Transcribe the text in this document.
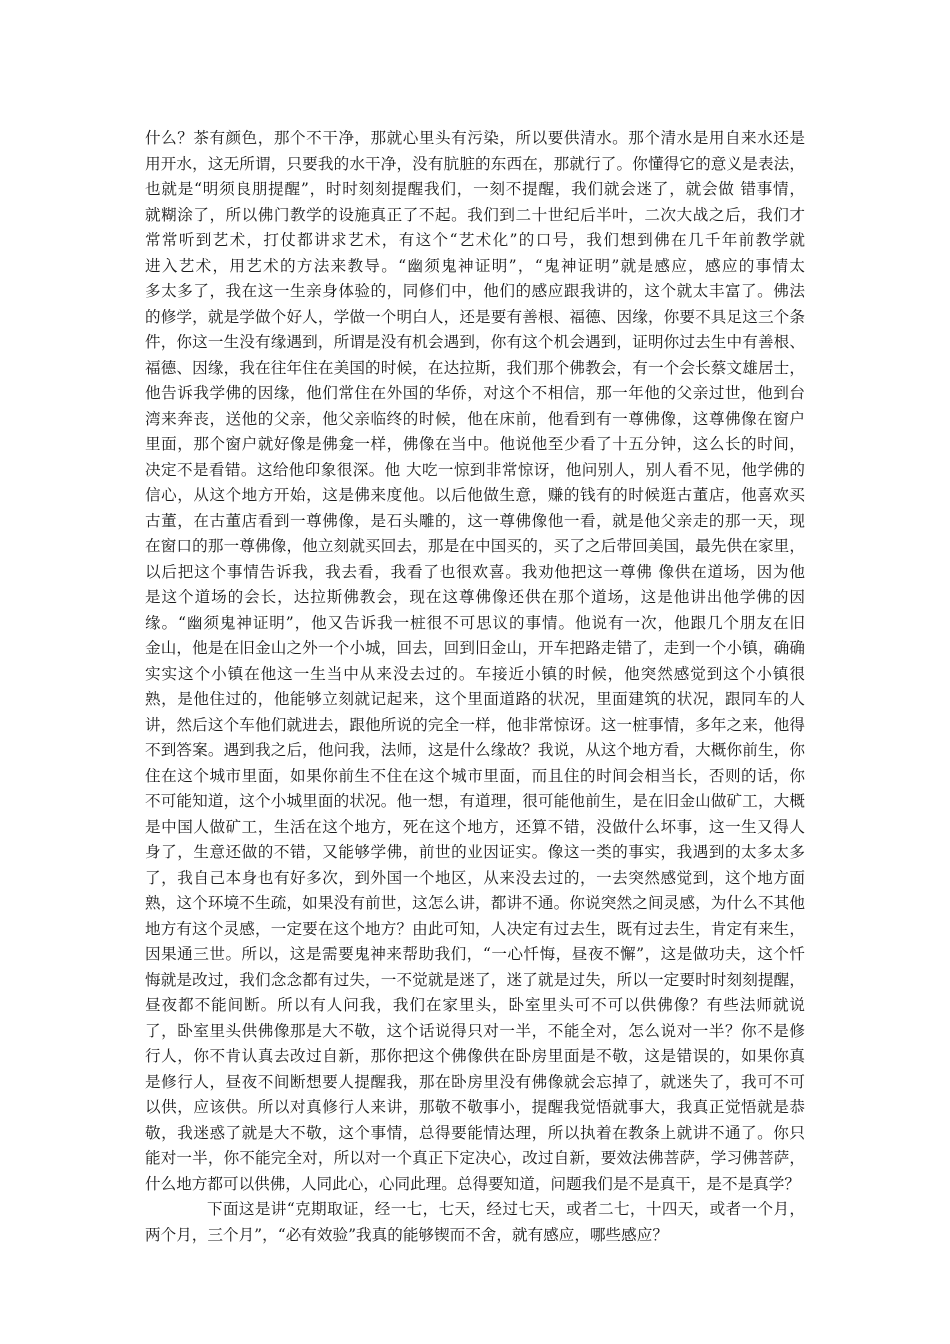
什么？茶有颜色，那个不干净，那就心里头有污染，所以要供清水。那个清水是用自来水还是
用开水，这无所谓，只要我的水干净，没有肮脏的东西在，那就行了。你懂得它的意义是表法，
也就是“明须良朋提醒”，时时刻刻提醒我们，一刻不提醒，我们就会迷了，就会做 错事情，
就糊涂了，所以佛门教学的设施真正了不起。我们到二十世纪后半叶，二次大战之后，我们才
常常听到艺术，打仗都讲求艺术，有这个“艺术化”的口号，我们想到佛在几千年前教学就
进入艺术，用艺术的方法来教导。“幽须鬼神证明”，“鬼神证明”就是感应，感应的事情太
多太多了，我在这一生亲身体验的，同修们中，他们的感应跟我讲的，这个就太丰富了。佛法
的修学，就是学做个好人，学做一个明白人，还是要有善根、福德、因缘，你要不具足这三个条
件，你这一生没有缘遇到，所谓是没有机会遇到，你有这个机会遇到，证明你过去生中有善根、
福德、因缘，我在往年住在美国的时候，在达拉斯，我们那个佛教会，有一个会长蔡文雄居士，
他告诉我学佛的因缘，他们常住在外国的华侨，对这个不相信，那一年他的父亲过世，他到台
湾来奔丧，送他的父亲，他父亲临终的时候，他在床前，他看到有一尊佛像，这尊佛像在窗户
里面，那个窗户就好像是佛龛一样，佛像在当中。他说他至少看了十五分钟，这么长的时间，
决定不是看错。这给他印象很深。他 大吃一惊到非常惊讶，他问别人，别人看不见，他学佛的
信心，从这个地方开始，这是佛来度他。以后他做生意，赚的钱有的时候逛古董店，他喜欢买
古董，在古董店看到一尊佛像，是石头雕的，这一尊佛像他一看，就是他父亲走的那一天，现
在窗口的那一尊佛像，他立刻就买回去，那是在中国买的，买了之后带回美国，最先供在家里，
以后把这个事情告诉我，我去看，我看了也很欢喜。我劝他把这一尊佛 像供在道场，因为他
是这个道场的会长，达拉斯佛教会，现在这尊佛像还供在那个道场，这是他讲出他学佛的因
缘。“幽须鬼神证明”，他又告诉我一桩很不可思议的事情。他说有一次，他跟几个朋友在旧
金山，他是在旧金山之外一个小城，回去，回到旧金山，开车把路走错了，走到一个小镇，确确
实实这个小镇在他这一生当中从来没去过的。车接近小镇的时候，他突然感觉到这个小镇很
熟，是他住过的，他能够立刻就记起来，这个里面道路的状况，里面建筑的状况，跟同车的人
讲，然后这个车他们就进去，跟他所说的完全一样，他非常惊讶。这一桩事情，多年之来，他得
不到答案。遇到我之后，他问我，法师，这是什么缘故？我说，从这个地方看，大概你前生，你
住在这个城市里面，如果你前生不住在这个城市里面，而且住的时间会相当长，否则的话，你
不可能知道，这个小城里面的状况。他一想，有道理，很可能他前生，是在旧金山做矿工，大概
是中国人做矿工，生活在这个地方，死在这个地方，还算不错，没做什么坏事，这一生又得人
身了，生意还做的不错，又能够学佛，前世的业因证实。像这一类的事实，我遇到的太多太多
了，我自己本身也有好多次，到外国一个地区，从来没去过的，一去突然感觉到，这个地方面
熟，这个环境不生疏，如果没有前世，这怎么讲，都讲不通。你说突然之间灵感，为什么不其他
地方有这个灵感，一定要在这个地方？由此可知，人决定有过去生，既有过去生，肯定有来生，
因果通三世。所以，这是需要鬼神来帮助我们，“一心忏悔，昼夜不懈”，这是做功夫，这个忏
悔就是改过，我们念念都有过失，一不觉就是迷了，迷了就是过失，所以一定要时时刻刻提醒，
昼夜都不能间断。所以有人问我，我们在家里头，卧室里头可不可以供佛像？有些法师就说
了，卧室里头供佛像那是大不敬，这个话说得只对一半，不能全对，怎么说对一半？你不是修
行人，你不肯认真去改过自新，那你把这个佛像供在卧房里面是不敬，这是错误的，如果你真
是修行人，昼夜不间断想要人提醒我，那在卧房里没有佛像就会忘掉了，就迷失了，我可不可
以供，应该供。所以对真修行人来讲，那敬不敬事小，提醒我觉悟就事大，我真正觉悟就是恭
敬，我迷惑了就是大不敬，这个事情，总得要能情达理，所以执着在教条上就讲不通了。你只
能对一半，你不能完全对，所以对一个真正下定决心，改过自新，要效法佛菩萨，学习佛菩萨，
什么地方都可以供佛，人同此心，心同此理。总得要知道，问题我们是不是真干，是不是真学？
下面这是讲“克期取证，经一七，七天，经过七天，或者二七，十四天，或者一个月，
两个月，三个月”，“必有效验”我真的能够锲而不舍，就有感应，哪些感应？
